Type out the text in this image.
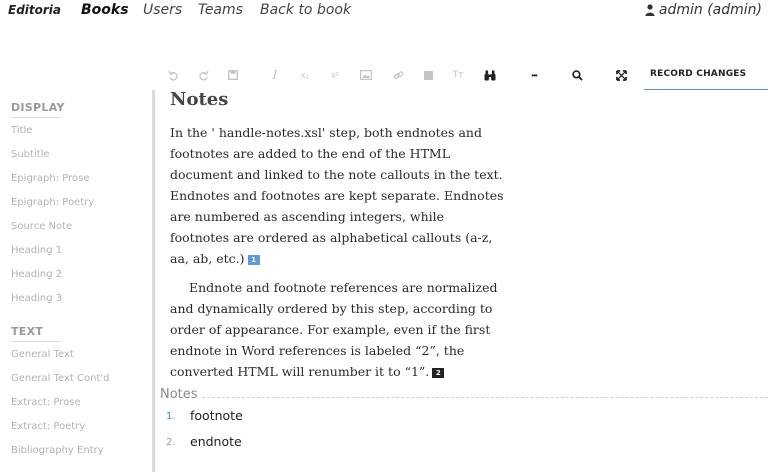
Editoria Books Users Teams Back to book	admin (admin)
I	x₂	x²	Tт	•••	RECORD CHANGES
DISPLAY
Title
Subtitle
Epigraph: Prose
Epigraph: Poetry
Source Note
Heading 1
Heading 2
Heading 3
TEXT
General Text
General Text Cont'd
Extract: Prose
Extract: Poetry
Bibliography Entry
Notes

In the ' handle-notes.xsl' step, both endnotes and footnotes are added to the end of the HTML document and linked to the note callouts in the text. Endnotes and footnotes are kept separate. Endnotes are numbered as ascending integers, while footnotes are ordered as alphabetical callouts (a-z, aa, ab, etc.) 1

Endnote and footnote references are normalized and dynamically ordered by this step, according to order of appearance. For example, even if the first endnote in Word references is labeled “2”, the converted HTML will renumber it to “1”. 2

Notes
1. footnote
2. endnote
